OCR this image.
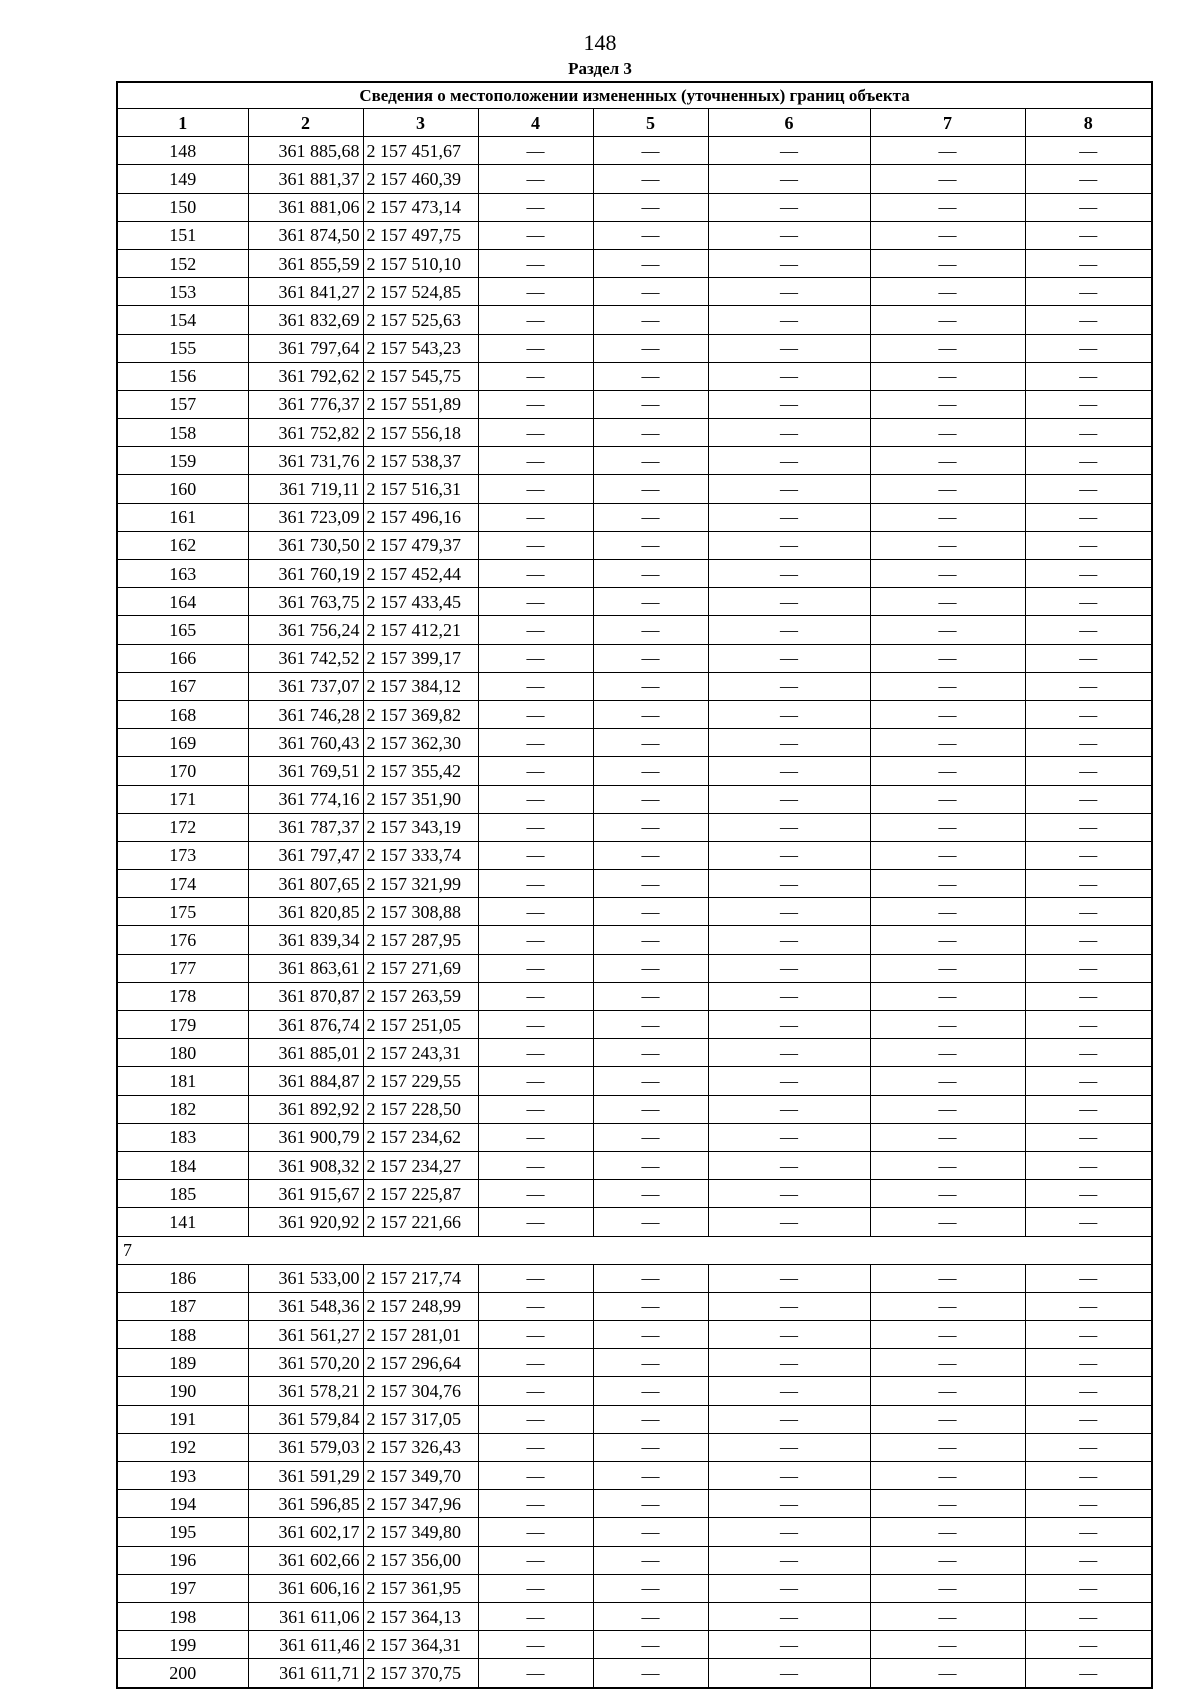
148
Раздел 3
Сведения о местоположении измененных (уточненных) границ объекта							
1	2	3	4	5	6	7	8
148	361 885,68	2 157 451,67	—	—	—	—	—
149	361 881,37	2 157 460,39	—	—	—	—	—
150	361 881,06	2 157 473,14	—	—	—	—	—
151	361 874,50	2 157 497,75	—	—	—	—	—
152	361 855,59	2 157 510,10	—	—	—	—	—
153	361 841,27	2 157 524,85	—	—	—	—	—
154	361 832,69	2 157 525,63	—	—	—	—	—
155	361 797,64	2 157 543,23	—	—	—	—	—
156	361 792,62	2 157 545,75	—	—	—	—	—
157	361 776,37	2 157 551,89	—	—	—	—	—
158	361 752,82	2 157 556,18	—	—	—	—	—
159	361 731,76	2 157 538,37	—	—	—	—	—
160	361 719,11	2 157 516,31	—	—	—	—	—
161	361 723,09	2 157 496,16	—	—	—	—	—
162	361 730,50	2 157 479,37	—	—	—	—	—
163	361 760,19	2 157 452,44	—	—	—	—	—
164	361 763,75	2 157 433,45	—	—	—	—	—
165	361 756,24	2 157 412,21	—	—	—	—	—
166	361 742,52	2 157 399,17	—	—	—	—	—
167	361 737,07	2 157 384,12	—	—	—	—	—
168	361 746,28	2 157 369,82	—	—	—	—	—
169	361 760,43	2 157 362,30	—	—	—	—	—
170	361 769,51	2 157 355,42	—	—	—	—	—
171	361 774,16	2 157 351,90	—	—	—	—	—
172	361 787,37	2 157 343,19	—	—	—	—	—
173	361 797,47	2 157 333,74	—	—	—	—	—
174	361 807,65	2 157 321,99	—	—	—	—	—
175	361 820,85	2 157 308,88	—	—	—	—	—
176	361 839,34	2 157 287,95	—	—	—	—	—
177	361 863,61	2 157 271,69	—	—	—	—	—
178	361 870,87	2 157 263,59	—	—	—	—	—
179	361 876,74	2 157 251,05	—	—	—	—	—
180	361 885,01	2 157 243,31	—	—	—	—	—
181	361 884,87	2 157 229,55	—	—	—	—	—
182	361 892,92	2 157 228,50	—	—	—	—	—
183	361 900,79	2 157 234,62	—	—	—	—	—
184	361 908,32	2 157 234,27	—	—	—	—	—
185	361 915,67	2 157 225,87	—	—	—	—	—
141	361 920,92	2 157 221,66	—	—	—	—	—
7							
186	361 533,00	2 157 217,74	—	—	—	—	—
187	361 548,36	2 157 248,99	—	—	—	—	—
188	361 561,27	2 157 281,01	—	—	—	—	—
189	361 570,20	2 157 296,64	—	—	—	—	—
190	361 578,21	2 157 304,76	—	—	—	—	—
191	361 579,84	2 157 317,05	—	—	—	—	—
192	361 579,03	2 157 326,43	—	—	—	—	—
193	361 591,29	2 157 349,70	—	—	—	—	—
194	361 596,85	2 157 347,96	—	—	—	—	—
195	361 602,17	2 157 349,80	—	—	—	—	—
196	361 602,66	2 157 356,00	—	—	—	—	—
197	361 606,16	2 157 361,95	—	—	—	—	—
198	361 611,06	2 157 364,13	—	—	—	—	—
199	361 611,46	2 157 364,31	—	—	—	—	—
200	361 611,71	2 157 370,75	—	—	—	—	—
